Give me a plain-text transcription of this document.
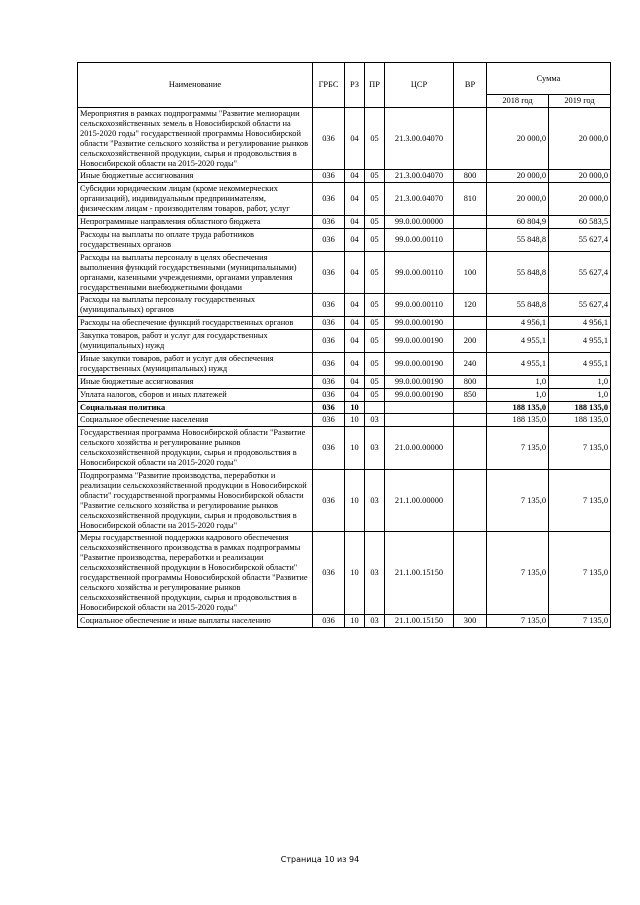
Наименование	ГРБС	РЗ	ПР	ЦСР	ВР	Сумма	
						2018 год	2019 год
Мероприятия в рамках подпрограммы "Развитие мелиорации сельскохозяйственных земель в Новосибирской области на 2015-2020 годы" государственной программы Новосибирской области "Развитие сельского хозяйства и регулирование рынков сельскохозяйственной продукции, сырья и продовольствия в Новосибирской области на 2015-2020 годы"	036	04	05	21.3.00.04070		20 000,0	20 000,0
Иные бюджетные ассигнования	036	04	05	21.3.00.04070	800	20 000,0	20 000,0
Субсидии юридическим лицам (кроме некоммерческих организаций), индивидуальным предпринимателям, физическим лицам - производителям товаров, работ, услуг	036	04	05	21.3.00.04070	810	20 000,0	20 000,0
Непрограммные направления областного бюджета	036	04	05	99.0.00.00000		60 804,9	60 583,5
Расходы на выплаты по оплате труда работников государственных органов	036	04	05	99.0.00.00110		55 848,8	55 627,4
Расходы на выплаты персоналу в целях обеспечения выполнения функций государственными (муниципальными) органами, казенными учреждениями, органами управления государственными внебюджетными фондами	036	04	05	99.0.00.00110	100	55 848,8	55 627,4
Расходы на выплаты персоналу государственных (муниципальных) органов	036	04	05	99.0.00.00110	120	55 848,8	55 627,4
Расходы на обеспечение функций государственных органов	036	04	05	99.0.00.00190		4 956,1	4 956,1
Закупка товаров, работ и услуг для государственных (муниципальных) нужд	036	04	05	99.0.00.00190	200	4 955,1	4 955,1
Иные закупки товаров, работ и услуг для обеспечения государственных (муниципальных) нужд	036	04	05	99.0.00.00190	240	4 955,1	4 955,1
Иные бюджетные ассигнования	036	04	05	99.0.00.00190	800	1,0	1,0
Уплата налогов, сборов и иных платежей	036	04	05	99.0.00.00190	850	1,0	1,0
Социальная политика	036	10				188 135,0	188 135,0
Социальное обеспечение населения	036	10	03			188 135,0	188 135,0
Государственная программа Новосибирской области "Развитие сельского хозяйства и регулирование рынков сельскохозяйственной продукции, сырья и продовольствия в Новосибирской области на 2015-2020 годы"	036	10	03	21.0.00.00000		7 135,0	7 135,0
Подпрограмма "Развитие производства, переработки и реализации сельскохозяйственной продукции в Новосибирской области" государственной программы Новосибирской области "Развитие сельского хозяйства и регулирование рынков сельскохозяйственной продукции, сырья и продовольствия в Новосибирской области на 2015-2020 годы"	036	10	03	21.1.00.00000		7 135,0	7 135,0
Меры государственной поддержки кадрового обеспечения сельскохозяйственного производства в рамках подпрограммы "Развитие производства, переработки и реализации сельскохозяйственной продукции в Новосибирской области" государственной программы Новосибирской области "Развитие сельского хозяйства и регулирование рынков сельскохозяйственной продукции, сырья и продовольствия в Новосибирской области на 2015-2020 годы"	036	10	03	21.1.00.15150		7 135,0	7 135,0
Социальное обеспечение и иные выплаты населению	036	10	03	21.1.00.15150	300	7 135,0	7 135,0
Страница 10 из 94
